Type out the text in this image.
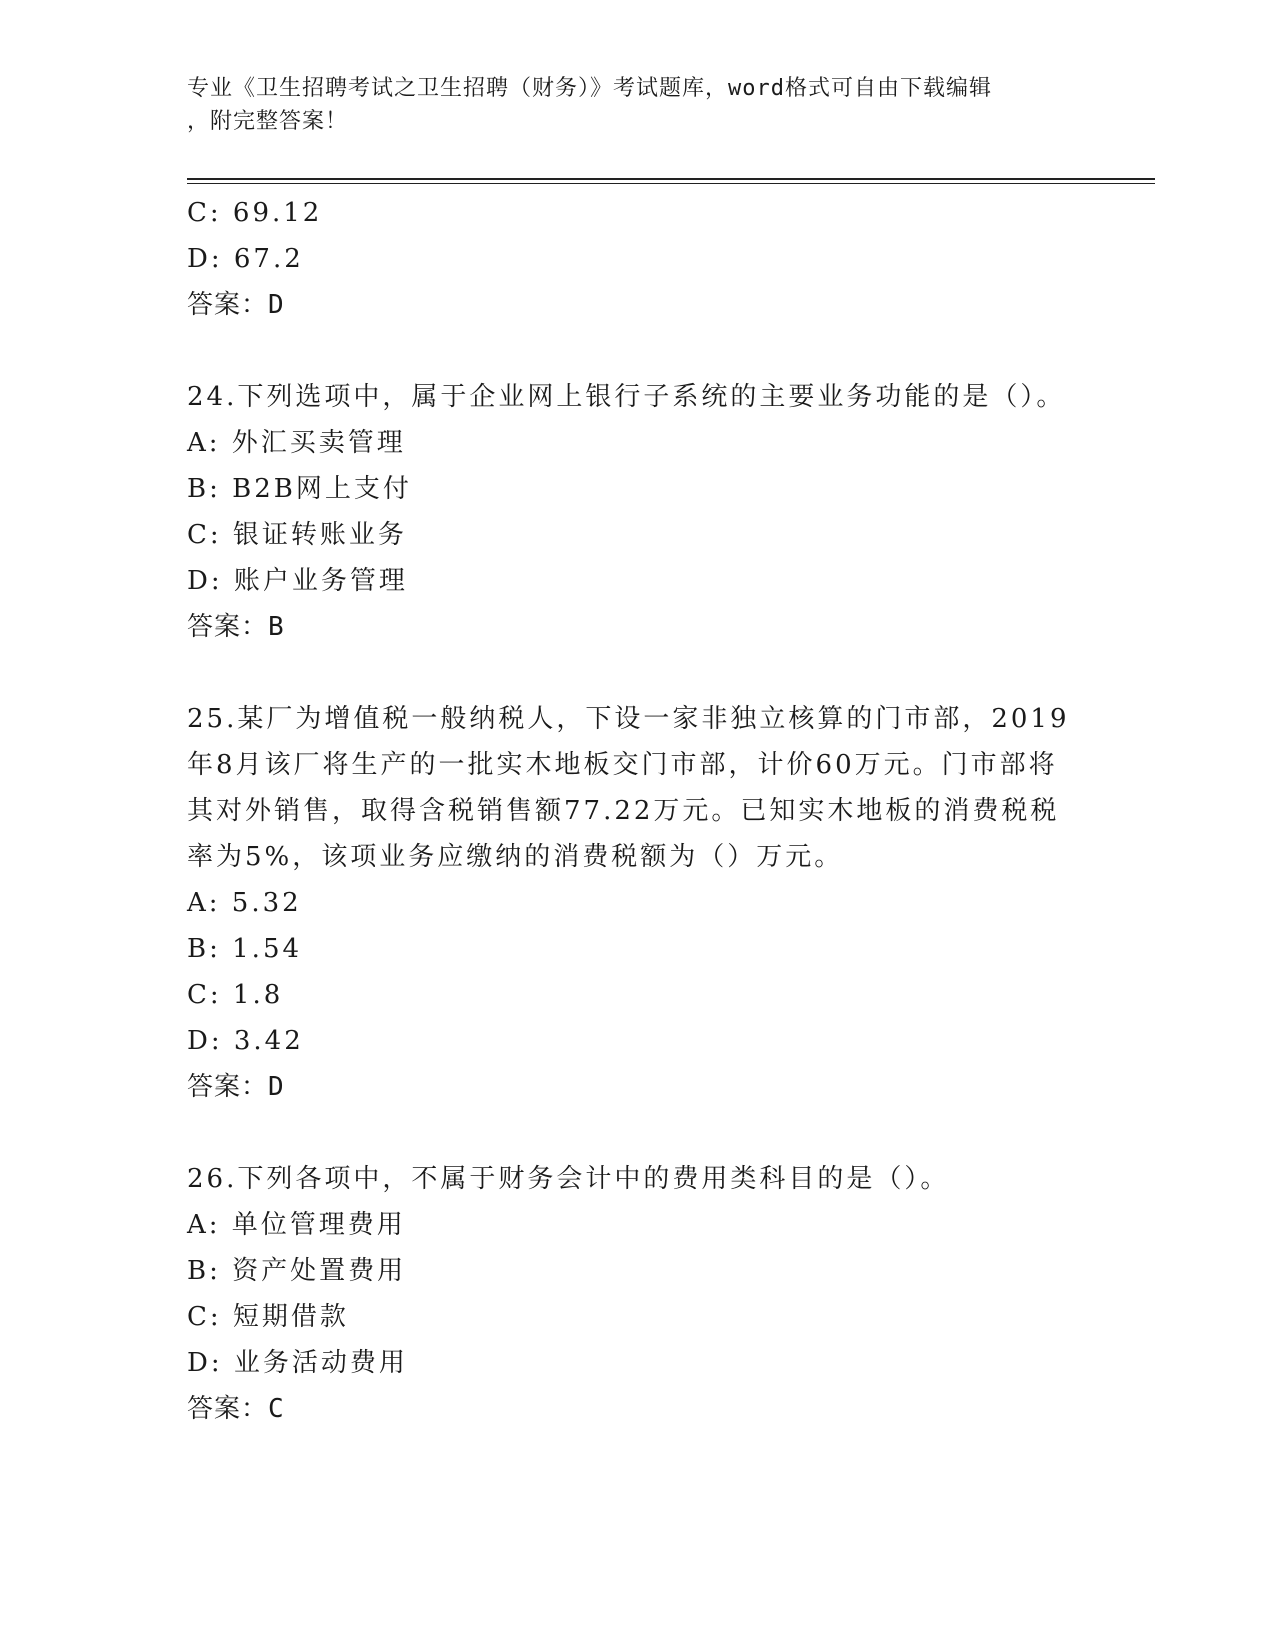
专业《卫生招聘考试之卫生招聘（财务）》考试题库，word格式可自由下载编辑
，附完整答案！
C: 69.12
D: 67.2
答案：D
24.下列选项中，属于企业网上银行子系统的主要业务功能的是（）。
A: 外汇买卖管理
B: B2B网上支付
C: 银证转账业务
D: 账户业务管理
答案：B
25.某厂为增值税一般纳税人，下设一家非独立核算的门市部，2019
年8月该厂将生产的一批实木地板交门市部，计价60万元。门市部将
其对外销售，取得含税销售额77.22万元。已知实木地板的消费税税
率为5%，该项业务应缴纳的消费税额为（）万元。
A: 5.32
B: 1.54
C: 1.8
D: 3.42
答案：D
26.下列各项中，不属于财务会计中的费用类科目的是（）。
A: 单位管理费用
B: 资产处置费用
C: 短期借款
D: 业务活动费用
答案：C
